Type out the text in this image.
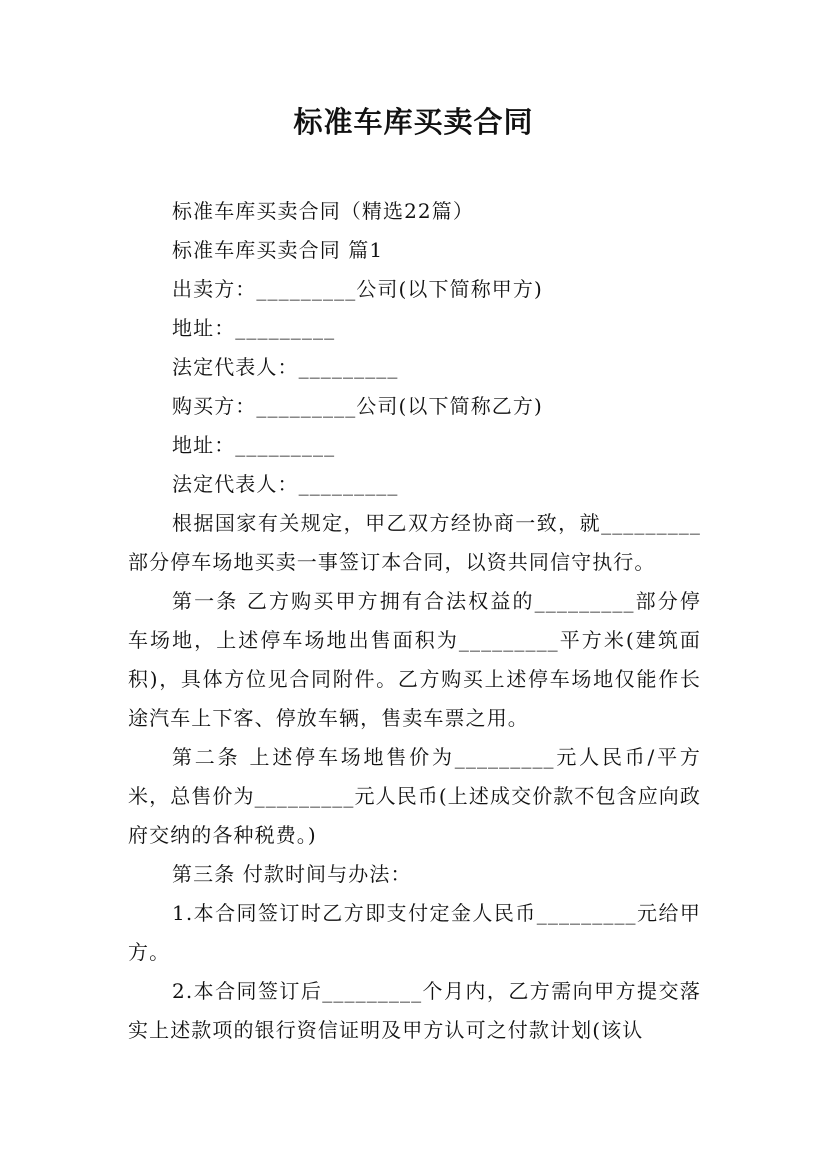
标准车库买卖合同
标准车库买卖合同（精选22篇）
标准车库买卖合同 篇1
出卖方：_________公司(以下简称甲方)
地址：_________
法定代表人：_________
购买方：_________公司(以下简称乙方)
地址：_________
法定代表人：_________

根据国家有关规定，甲乙双方经协商一致，就_________部分停车场地买卖一事签订本合同，以资共同信守执行。

第一条 乙方购买甲方拥有合法权益的_________部分停车场地，上述停车场地出售面积为_________平方米(建筑面积)，具体方位见合同附件。乙方购买上述停车场地仅能作长途汽车上下客、停放车辆，售卖车票之用。

第二条 上述停车场地售价为_________元人民币/平方米，总售价为_________元人民币(上述成交价款不包含应向政府交纳的各种税费。)

第三条 付款时间与办法：

1.本合同签订时乙方即支付定金人民币_________元给甲方。

2.本合同签订后_________个月内，乙方需向甲方提交落实上述款项的银行资信证明及甲方认可之付款计划(该认
